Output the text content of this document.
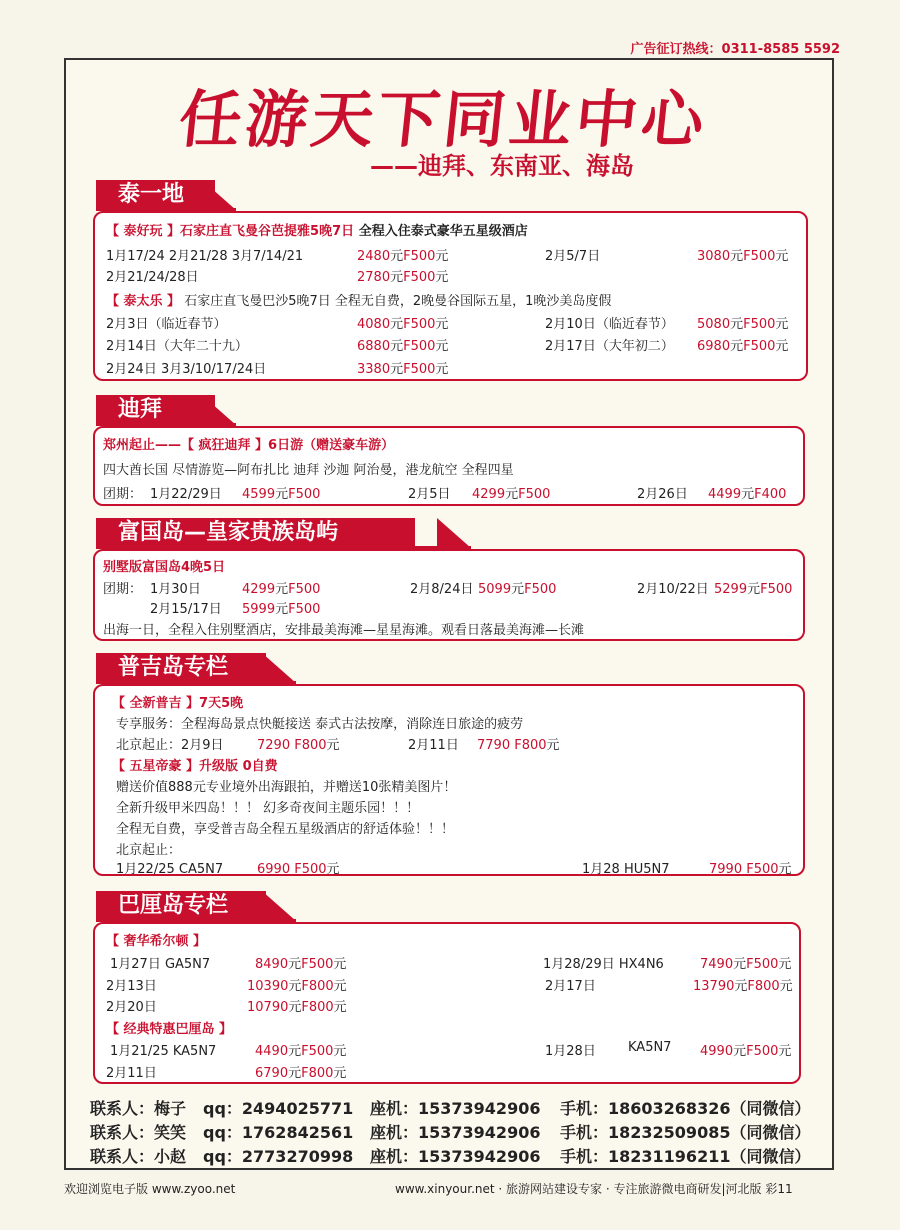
广告征订热线：0311-8585 5592
任游天下同业中心
——迪拜、东南亚、海岛
泰一地
【 泰好玩 】石家庄直飞曼谷芭提雅5晚7日 全程入住泰式豪华五星级酒店
1月17/24 2月21/28 3月7/14/21	2480元F500元	2月5/7日	3080元F500元
2月21/24/28日	2780元F500元
【 泰太乐 】 石家庄直飞曼巴沙5晚7日 全程无自费，2晚曼谷国际五星，1晚沙美岛度假
2月3日（临近春节）	4080元F500元	2月10日（临近春节） 5080元F500元
2月14日（大年二十九）	6880元F500元	2月17日（大年初二） 6980元F500元
2月24日 3月3/10/17/24日	3380元F500元
迪拜
郑州起止——【 疯狂迪拜 】6日游（赠送豪车游）
四大酋长国 尽情游览—阿布扎比 迪拜 沙迦 阿治曼，港龙航空 全程四星
团期： 1月22/29日 4599元F500	2月5日 4299元F500	2月26日 4499元F400
富国岛—皇家贵族岛屿
别墅版富国岛4晚5日
团期： 1月30日	4299元F500	2月8/24日 5099元F500	2月10/22日 5299元F500
2月15/17日 5999元F500
出海一日，全程入住别墅酒店，安排最美海滩—星星海滩。观看日落最美海滩—长滩
普吉岛专栏
【 全新普吉 】7天5晚
专享服务：全程海岛景点快艇接送 泰式古法按摩，消除连日旅途的疲劳
北京起止：2月9日	7290 F800元	2月11日 7790 F800元
【 五星帝豪 】升级版 0自费
赠送价值888元专业境外出海跟拍，并赠送10张精美图片！
全新升级甲米四岛！！！ 幻多奇夜间主题乐园！！！
全程无自费，享受普吉岛全程五星级酒店的舒适体验！！！
北京起止：
1月22/25 CA5N7	6990 F500元	1月28 HU5N7	7990 F500元
巴厘岛专栏
【 奢华希尔顿 】
1月27日 GA5N7	8490元F500元	1月28/29日 HX4N6	7490元F500元
2月13日	10390元F800元	2月17日	13790元F800元
2月20日	10790元F800元
【 经典特惠巴厘岛 】
1月21/25 KA5N7	4490元F500元	1月28日 KA5N7 4990元F500元
2月11日	6790元F800元
联系人：梅子 qq：2494025771 座机：15373942906 手机：18603268326（同微信）
联系人：笑笑 qq：1762842561 座机：15373942906 手机：18232509085（同微信）
联系人：小赵 qq：2773270998 座机：15373942906 手机：18231196211（同微信）
欢迎浏览电子版 www.zyoo.net	www.xinyour.net · 旅游网站建设专家 · 专注旅游微电商研发|河北版 彩11
